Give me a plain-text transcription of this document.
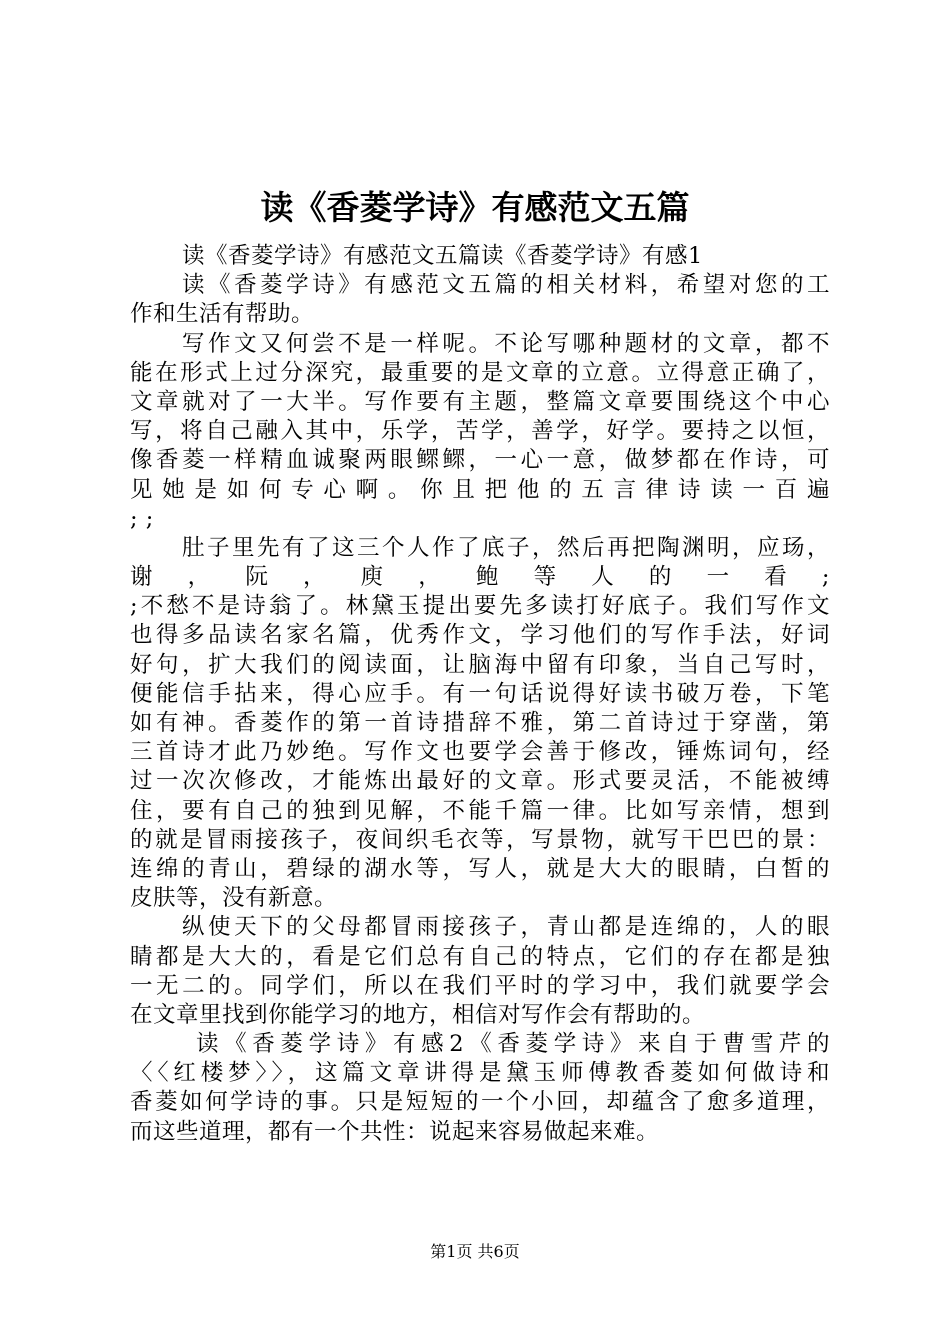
读《香菱学诗》有感范文五篇
读《香菱学诗》有感范文五篇读《香菱学诗》有感1
读《香菱学诗》有感范文五篇的相关材料，希望对您的工
作和生活有帮助。
写作文又何尝不是一样呢。不论写哪种题材的文章，都不
能在形式上过分深究，最重要的是文章的立意。立得意正确了，
文章就对了一大半。写作要有主题，整篇文章要围绕这个中心
写，将自己融入其中，乐学，苦学，善学，好学。要持之以恒，
像香菱一样精血诚聚两眼鳏鳏，一心一意，做梦都在作诗，可
见 她 是 如 何 专 心 啊 。 你 且 把 他 的 五 言 律 诗 读 一 百 遍
; ;
肚子里先有了这三个人作了底子，然后再把陶渊明，应玚，
谢 ， 阮 ， 庾 ， 鲍 等 人 的 一 看 ;
;不愁不是诗翁了。林黛玉提出要先多读打好底子。我们写作文
也得多品读名家名篇，优秀作文，学习他们的写作手法，好词
好句，扩大我们的阅读面，让脑海中留有印象，当自己写时，
便能信手拈来，得心应手。有一句话说得好读书破万卷，下笔
如有神。香菱作的第一首诗措辞不雅，第二首诗过于穿凿，第
三首诗才此乃妙绝。写作文也要学会善于修改，锤炼词句，经
过一次次修改，才能炼出最好的文章。形式要灵活，不能被缚
住，要有自己的独到见解，不能千篇一律。比如写亲情，想到
的就是冒雨接孩子，夜间织毛衣等，写景物，就写干巴巴的景：
连绵的青山，碧绿的湖水等，写人，就是大大的眼睛，白皙的
皮肤等，没有新意。
纵使天下的父母都冒雨接孩子，青山都是连绵的，人的眼
睛都是大大的，看是它们总有自己的特点，它们的存在都是独
一无二的。同学们，所以在我们平时的学习中，我们就要学会
在文章里找到你能学习的地方，相信对写作会有帮助的。
读《香菱学诗》有感2《香菱学诗》来自于曹雪芹的
〈〈红楼梦〉〉，这篇文章讲得是黛玉师傅教香菱如何做诗和
香菱如何学诗的事。只是短短的一个小回，却蕴含了愈多道理，
而这些道理，都有一个共性：说起来容易做起来难。
第1页 共6页
